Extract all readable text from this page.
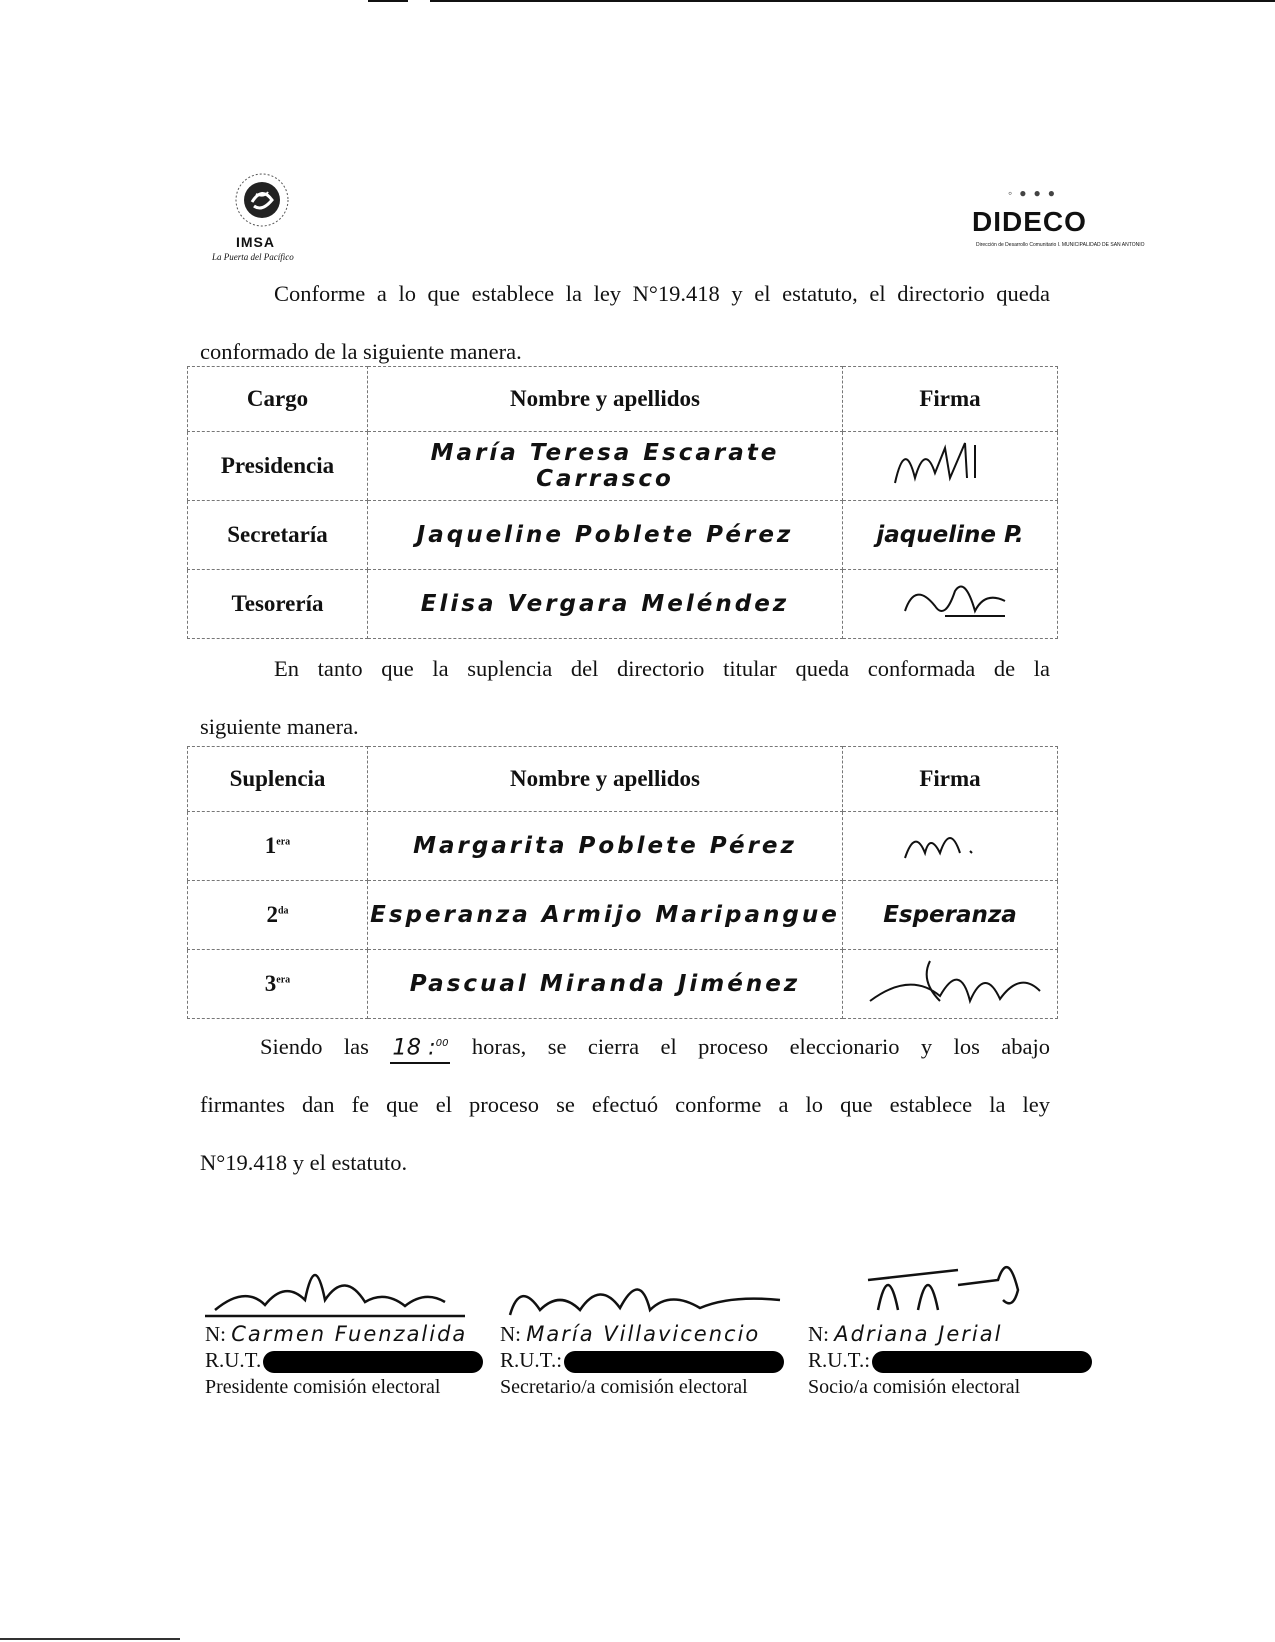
IMSA
La Puerta del Pacífico
◦ ● ● ●
DIDECO
Dirección de Desarrollo Comunitario I. MUNICIPALIDAD DE SAN ANTONIO
Conforme a lo que establece la ley N°19.418 y el estatuto, el directorio queda
conformado de la siguiente manera.
Cargo	Nombre y apellidos	Firma
Presidencia	María Teresa Escarate Carrasco	
Secretaría	Jaqueline Poblete Pérez	jaqueline P.
Tesorería	Elisa Vergara Meléndez	
En tanto que la suplencia del directorio titular queda conformada de la
siguiente manera.
Suplencia	Nombre y apellidos	Firma
$1^{era}$	Margarita Poblete Pérez	
$2^{da}$	Esperanza Armijo Maripangue	Esperanza
$3^{era}$	Pascual Miranda Jiménez	
Siendo las 18 :$^{00}$ horas, se cierra el proceso eleccionario y los abajo
firmantes dan fe que el proceso se efectuó conforme a lo que establece la ley
N°19.418 y el estatuto.
N: Carmen Fuenzalida
R.U.T.
Presidente comisión electoral
N: María Villavicencio
R.U.T.:
Secretario/a comisión electoral
N: Adriana Jerial
R.U.T.:
Socio/a comisión electoral
